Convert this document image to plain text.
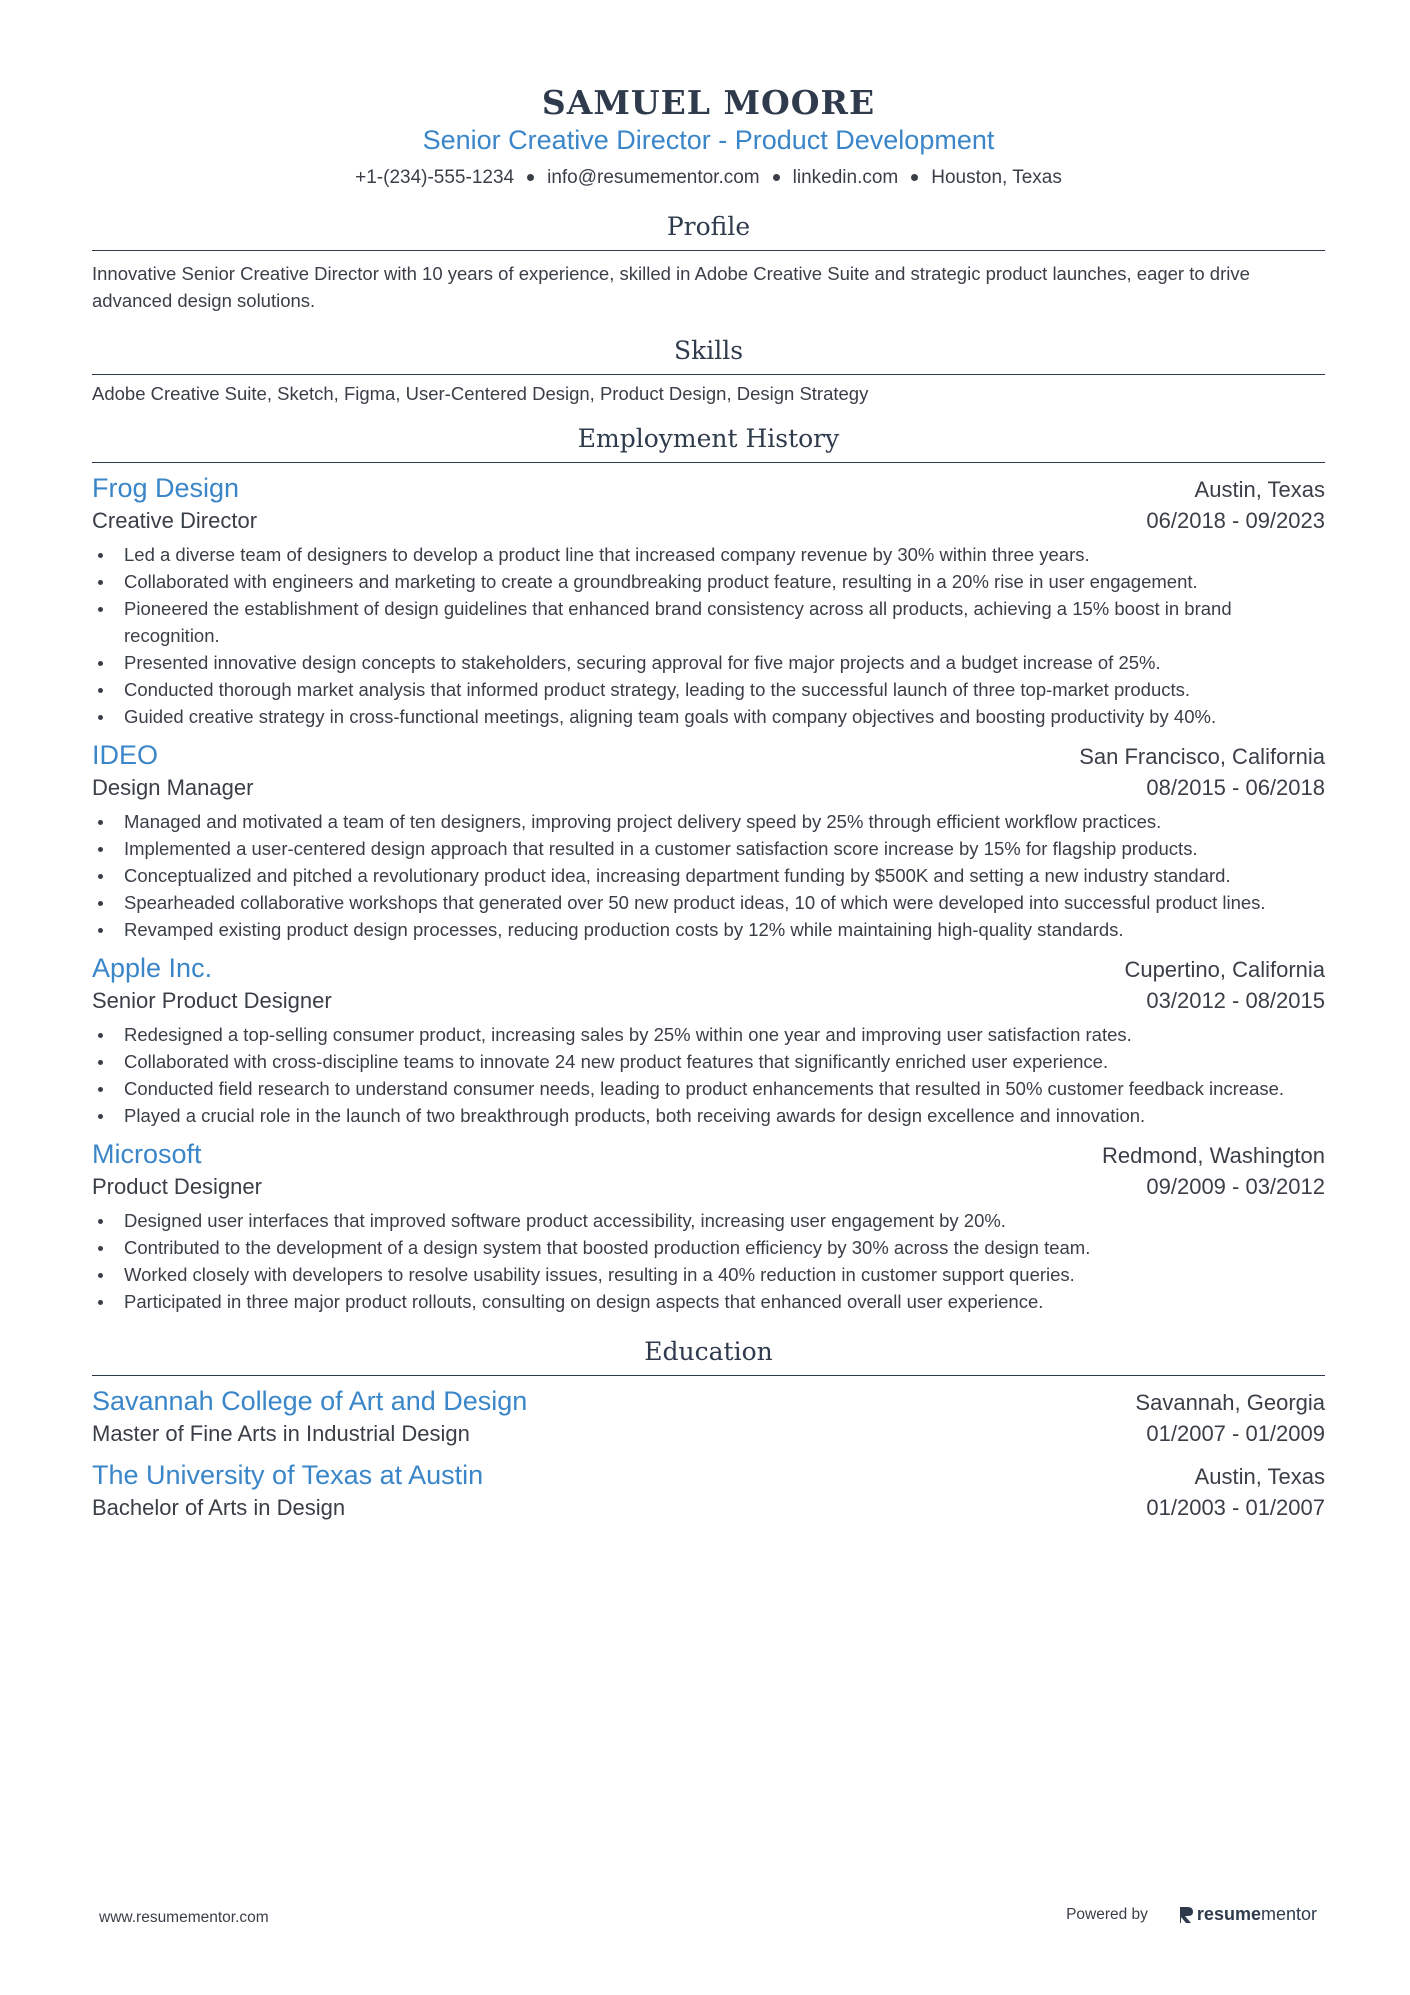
SAMUEL MOORE
Senior Creative Director - Product Development
+1-(234)-555-1234 info@resumementor.com linkedin.com Houston, Texas
Profile
Innovative Senior Creative Director with 10 years of experience, skilled in Adobe Creative Suite and strategic product launches, eager to drive advanced design solutions.
Skills
Adobe Creative Suite, Sketch, Figma, User-Centered Design, Product Design, Design Strategy
Employment History
Frog Design	Austin, Texas
Creative Director	06/2018 - 09/2023
Led a diverse team of designers to develop a product line that increased company revenue by 30% within three years.
Collaborated with engineers and marketing to create a groundbreaking product feature, resulting in a 20% rise in user engagement.
Pioneered the establishment of design guidelines that enhanced brand consistency across all products, achieving a 15% boost in brand recognition.
Presented innovative design concepts to stakeholders, securing approval for five major projects and a budget increase of 25%.
Conducted thorough market analysis that informed product strategy, leading to the successful launch of three top-market products.
Guided creative strategy in cross-functional meetings, aligning team goals with company objectives and boosting productivity by 40%.
IDEO	San Francisco, California
Design Manager	08/2015 - 06/2018
Managed and motivated a team of ten designers, improving project delivery speed by 25% through efficient workflow practices.
Implemented a user-centered design approach that resulted in a customer satisfaction score increase by 15% for flagship products.
Conceptualized and pitched a revolutionary product idea, increasing department funding by $500K and setting a new industry standard.
Spearheaded collaborative workshops that generated over 50 new product ideas, 10 of which were developed into successful product lines.
Revamped existing product design processes, reducing production costs by 12% while maintaining high-quality standards.
Apple Inc.	Cupertino, California
Senior Product Designer	03/2012 - 08/2015
Redesigned a top-selling consumer product, increasing sales by 25% within one year and improving user satisfaction rates.
Collaborated with cross-discipline teams to innovate 24 new product features that significantly enriched user experience.
Conducted field research to understand consumer needs, leading to product enhancements that resulted in 50% customer feedback increase.
Played a crucial role in the launch of two breakthrough products, both receiving awards for design excellence and innovation.
Microsoft	Redmond, Washington
Product Designer	09/2009 - 03/2012
Designed user interfaces that improved software product accessibility, increasing user engagement by 20%.
Contributed to the development of a design system that boosted production efficiency by 30% across the design team.
Worked closely with developers to resolve usability issues, resulting in a 40% reduction in customer support queries.
Participated in three major product rollouts, consulting on design aspects that enhanced overall user experience.
Education
Savannah College of Art and Design	Savannah, Georgia
Master of Fine Arts in Industrial Design	01/2007 - 01/2009
The University of Texas at Austin	Austin, Texas
Bachelor of Arts in Design	01/2003 - 01/2007
www.resumementor.com	Powered by	resume mentor
